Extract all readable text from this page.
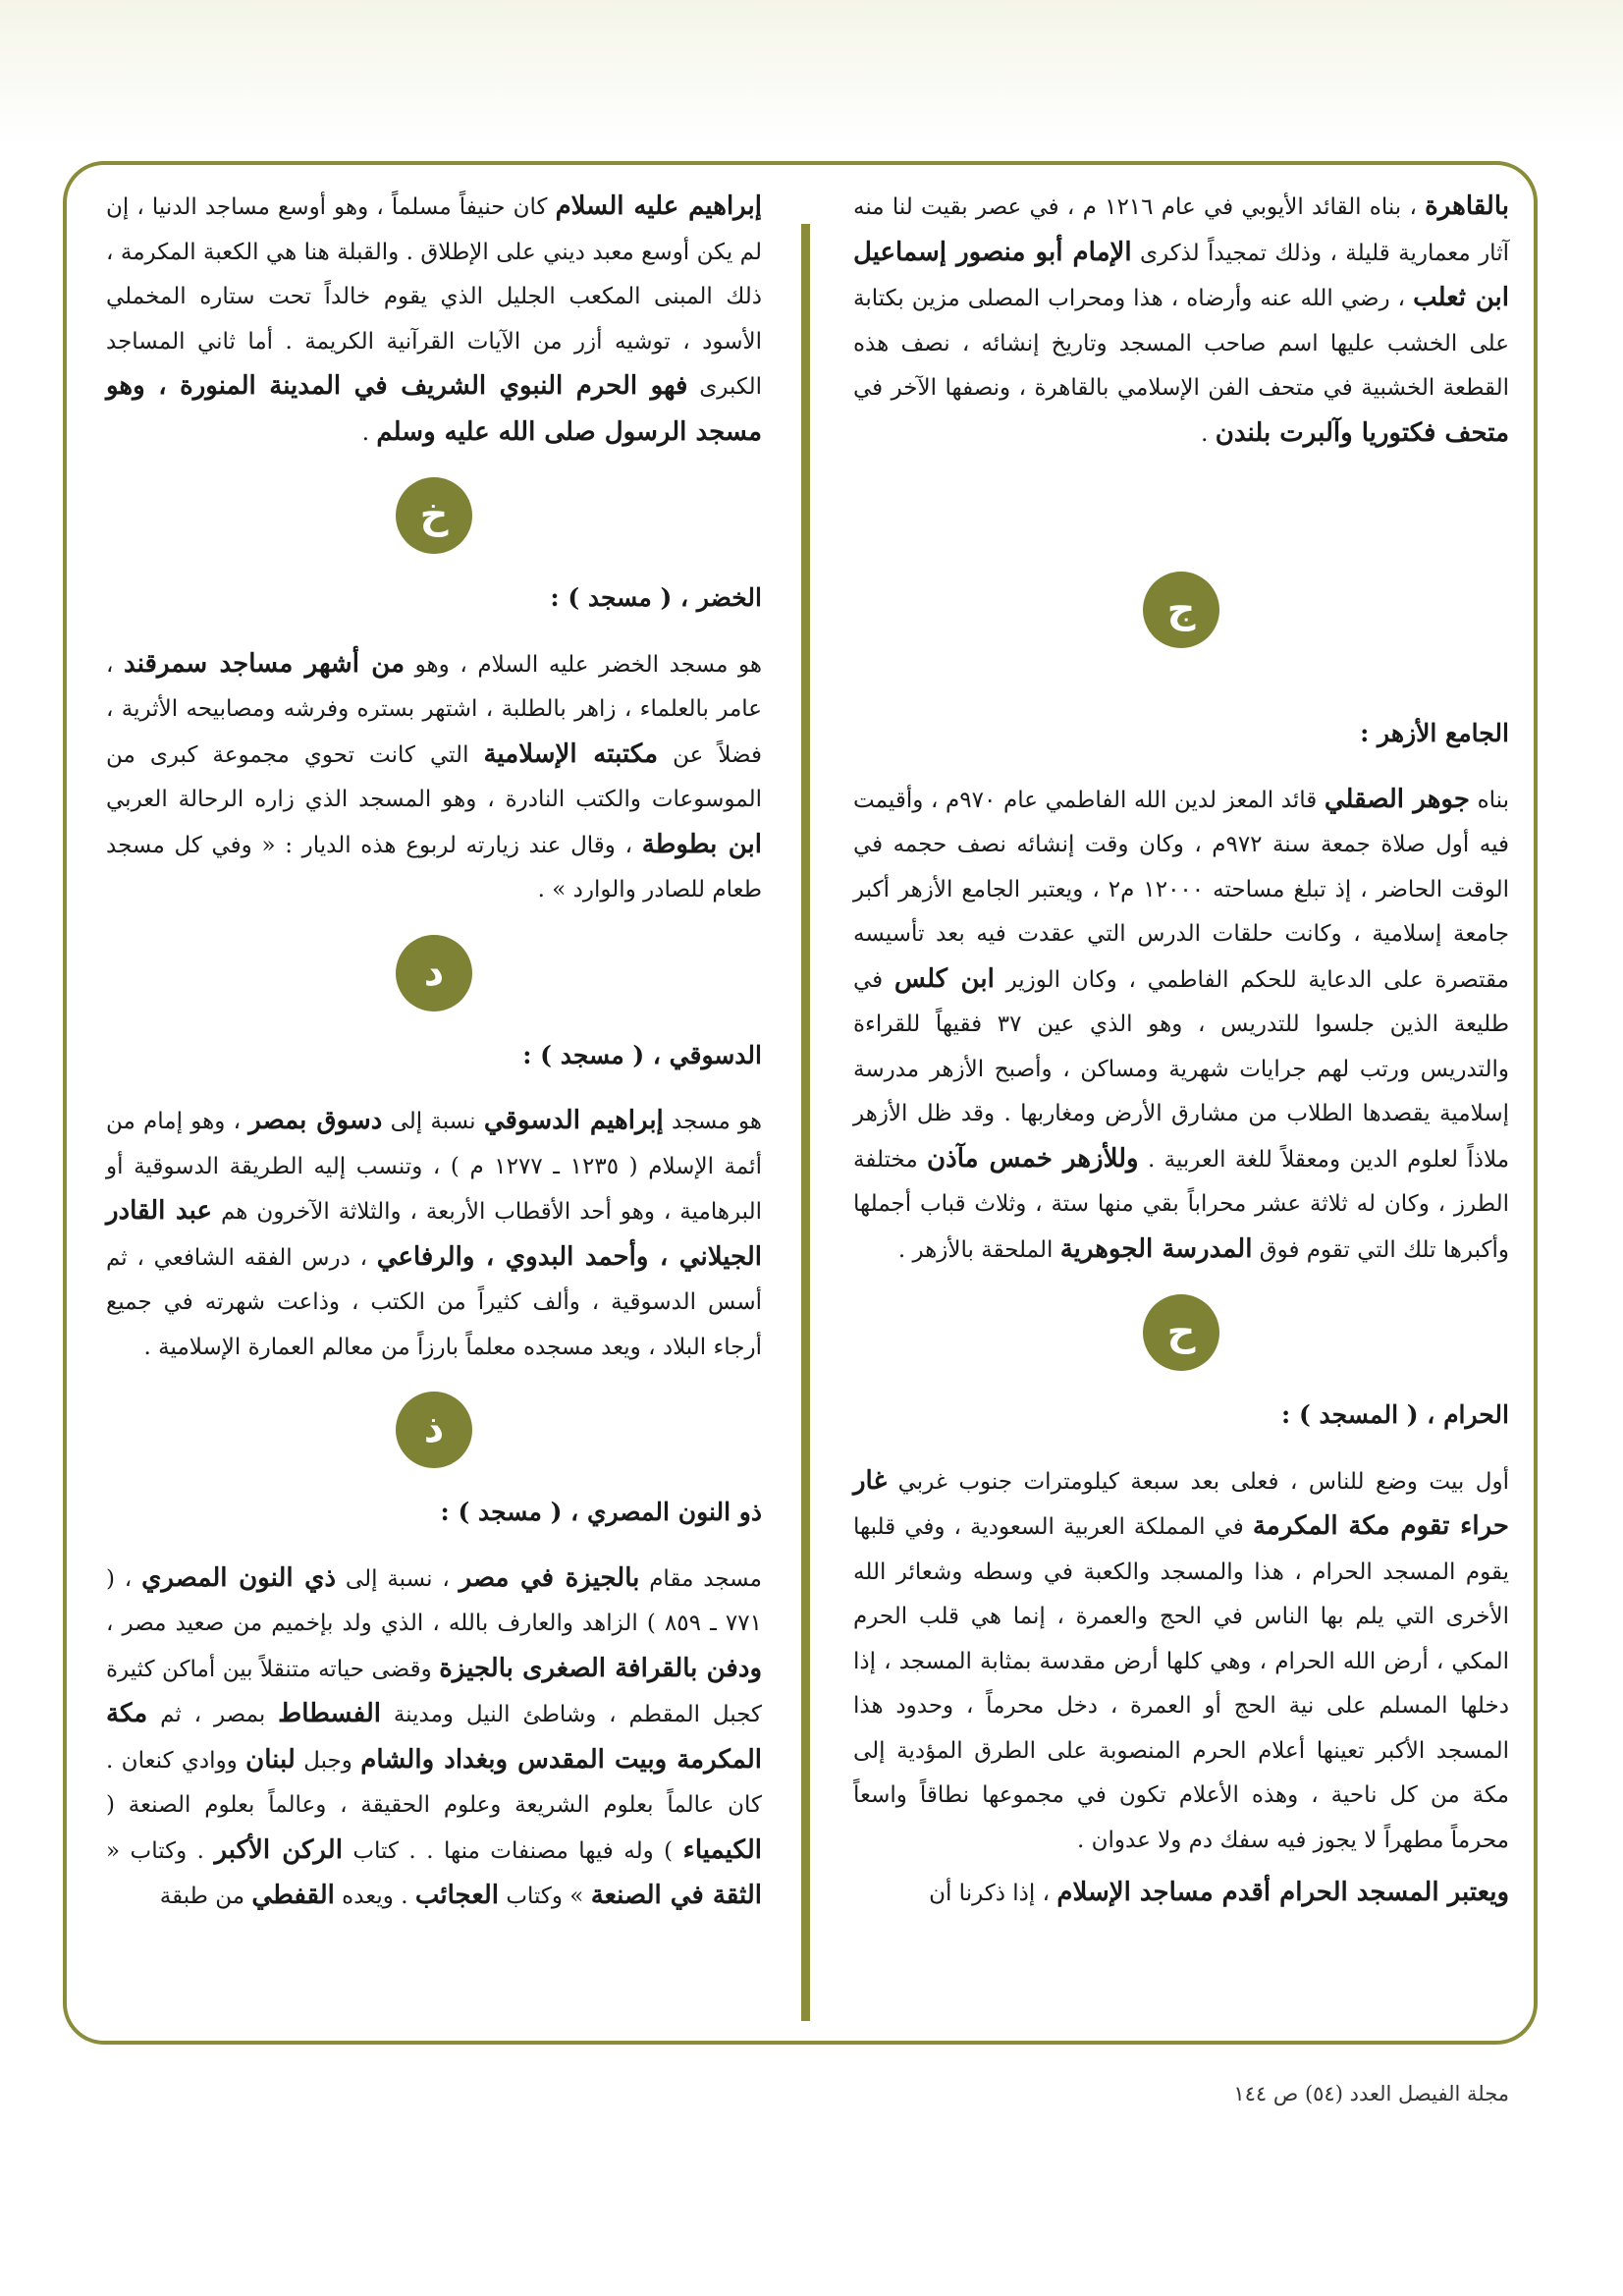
بالقاهرة ، بناه القائد الأيوبي في عام ١٢١٦ م ، في عصر بقيت لنا منه آثار معمارية قليلة ، وذلك تمجيداً لذكرى الإمام أبو منصور إسماعيل ابن ثعلب ، رضي الله عنه وأرضاه ، هذا ومحراب المصلى مزين بكتابة على الخشب عليها اسم صاحب المسجد وتاريخ إنشائه ، نصف هذه القطعة الخشبية في متحف الفن الإسلامي بالقاهرة ، ونصفها الآخر في متحف فكتوريا وآلبرت بلندن .

ج
الجامع الأزهر :

بناه جوهر الصقلي قائد المعز لدين الله الفاطمي عام ٩٧٠م ، وأقيمت فيه أول صلاة جمعة سنة ٩٧٢م ، وكان وقت إنشائه نصف حجمه في الوقت الحاضر ، إذ تبلغ مساحته ١٢٠٠٠ م٢ ، ويعتبر الجامع الأزهر أكبر جامعة إسلامية ، وكانت حلقات الدرس التي عقدت فيه بعد تأسيسه مقتصرة على الدعاية للحكم الفاطمي ، وكان الوزير ابن كلس في طليعة الذين جلسوا للتدريس ، وهو الذي عين ٣٧ فقيهاً للقراءة والتدريس ورتب لهم جرايات شهرية ومساكن ، وأصبح الأزهر مدرسة إسلامية يقصدها الطلاب من مشارق الأرض ومغاربها . وقد ظل الأزهر ملاذاً لعلوم الدين ومعقلاً للغة العربية . وللأزهر خمس مآذن مختلفة الطرز ، وكان له ثلاثة عشر محراباً بقي منها ستة ، وثلاث قباب أجملها وأكبرها تلك التي تقوم فوق المدرسة الجوهرية الملحقة بالأزهر .

ح
الحرام ، ( المسجد ) :

أول بيت وضع للناس ، فعلى بعد سبعة كيلومترات جنوب غربي غار حراء تقوم مكة المكرمة في المملكة العربية السعودية ، وفي قلبها يقوم المسجد الحرام ، هذا والمسجد والكعبة في وسطه وشعائر الله الأخرى التي يلم بها الناس في الحج والعمرة ، إنما هي قلب الحرم المكي ، أرض الله الحرام ، وهي كلها أرض مقدسة بمثابة المسجد ، إذا دخلها المسلم على نية الحج أو العمرة ، دخل محرماً ، وحدود هذا المسجد الأكبر تعينها أعلام الحرم المنصوبة على الطرق المؤدية إلى مكة من كل ناحية ، وهذه الأعلام تكون في مجموعها نطاقاً واسعاً محرماً مطهراً لا يجوز فيه سفك دم ولا عدوان .

ويعتبر المسجد الحرام أقدم مساجد الإسلام ، إذا ذكرنا أن

إبراهيم عليه السلام كان حنيفاً مسلماً ، وهو أوسع مساجد الدنيا ، إن لم يكن أوسع معبد ديني على الإطلاق . والقبلة هنا هي الكعبة المكرمة ، ذلك المبنى المكعب الجليل الذي يقوم خالداً تحت ستاره المخملي الأسود ، توشيه أزر من الآيات القرآنية الكريمة . أما ثاني المساجد الكبرى فهو الحرم النبوي الشريف في المدينة المنورة ، وهو مسجد الرسول صلى الله عليه وسلم .

خ
الخضر ، ( مسجد ) :

هو مسجد الخضر عليه السلام ، وهو من أشهر مساجد سمرقند ، عامر بالعلماء ، زاهر بالطلبة ، اشتهر بستره وفرشه ومصابيحه الأثرية ، فضلاً عن مكتبته الإسلامية التي كانت تحوي مجموعة كبرى من الموسوعات والكتب النادرة ، وهو المسجد الذي زاره الرحالة العربي ابن بطوطة ، وقال عند زيارته لربوع هذه الديار : « وفي كل مسجد طعام للصادر والوارد » .

د
الدسوقي ، ( مسجد ) :

هو مسجد إبراهيم الدسوقي نسبة إلى دسوق بمصر ، وهو إمام من أئمة الإسلام ( ١٢٣٥ ـ ١٢٧٧ م ) ، وتنسب إليه الطريقة الدسوقية أو البرهامية ، وهو أحد الأقطاب الأربعة ، والثلاثة الآخرون هم عبد القادر الجيلاني ، وأحمد البدوي ، والرفاعي ، درس الفقه الشافعي ، ثم أسس الدسوقية ، وألف كثيراً من الكتب ، وذاعت شهرته في جميع أرجاء البلاد ، ويعد مسجده معلماً بارزاً من معالم العمارة الإسلامية .

ذ
ذو النون المصري ، ( مسجد ) :

مسجد مقام بالجيزة في مصر ، نسبة إلى ذي النون المصري ، ( ٧٧١ ـ ٨٥٩ ) الزاهد والعارف بالله ، الذي ولد بإخميم من صعيد مصر ، ودفن بالقرافة الصغرى بالجيزة وقضى حياته متنقلاً بين أماكن كثيرة كجبل المقطم ، وشاطئ النيل ومدينة الفسطاط بمصر ، ثم مكة المكرمة وبيت المقدس وبغداد والشام وجبل لبنان ووادي كنعان . كان عالماً بعلوم الشريعة وعلوم الحقيقة ، وعالماً بعلوم الصنعة ( الكيمياء ) وله فيها مصنفات منها . . كتاب الركن الأكبر . وكتاب « الثقة في الصنعة » وكتاب العجائب . ويعده القفطي من طبقة

مجلة الفيصل العدد (٥٤) ص ١٤٤
